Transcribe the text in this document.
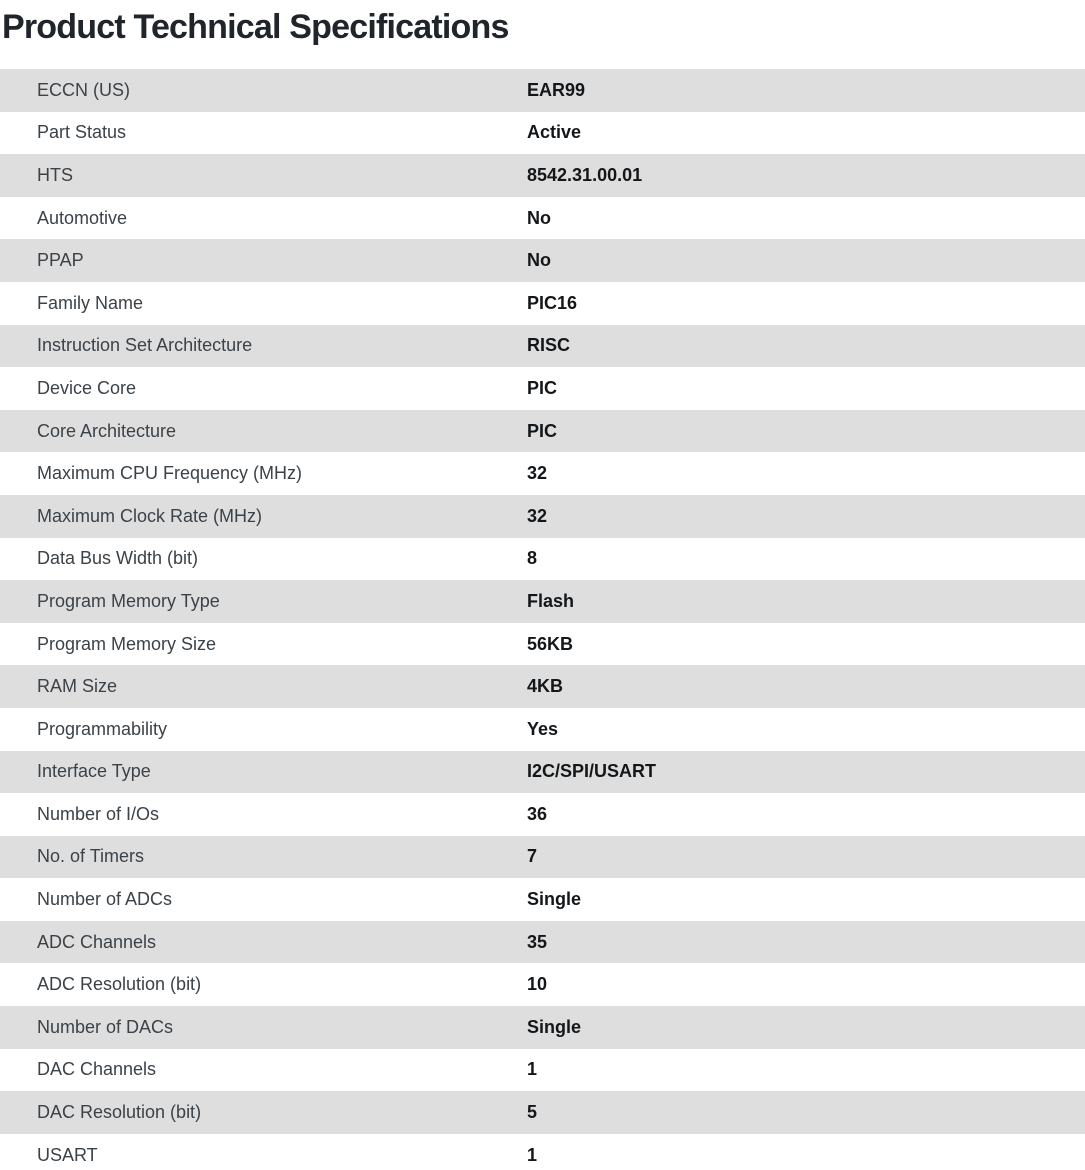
Product Technical Specifications
ECCN (US)	EAR99
Part Status	Active
HTS	8542.31.00.01
Automotive	No
PPAP	No
Family Name	PIC16
Instruction Set Architecture	RISC
Device Core	PIC
Core Architecture	PIC
Maximum CPU Frequency (MHz)	32
Maximum Clock Rate (MHz)	32
Data Bus Width (bit)	8
Program Memory Type	Flash
Program Memory Size	56KB
RAM Size	4KB
Programmability	Yes
Interface Type	I2C/SPI/USART
Number of I/Os	36
No. of Timers	7
Number of ADCs	Single
ADC Channels	35
ADC Resolution (bit)	10
Number of DACs	Single
DAC Channels	1
DAC Resolution (bit)	5
USART	1
